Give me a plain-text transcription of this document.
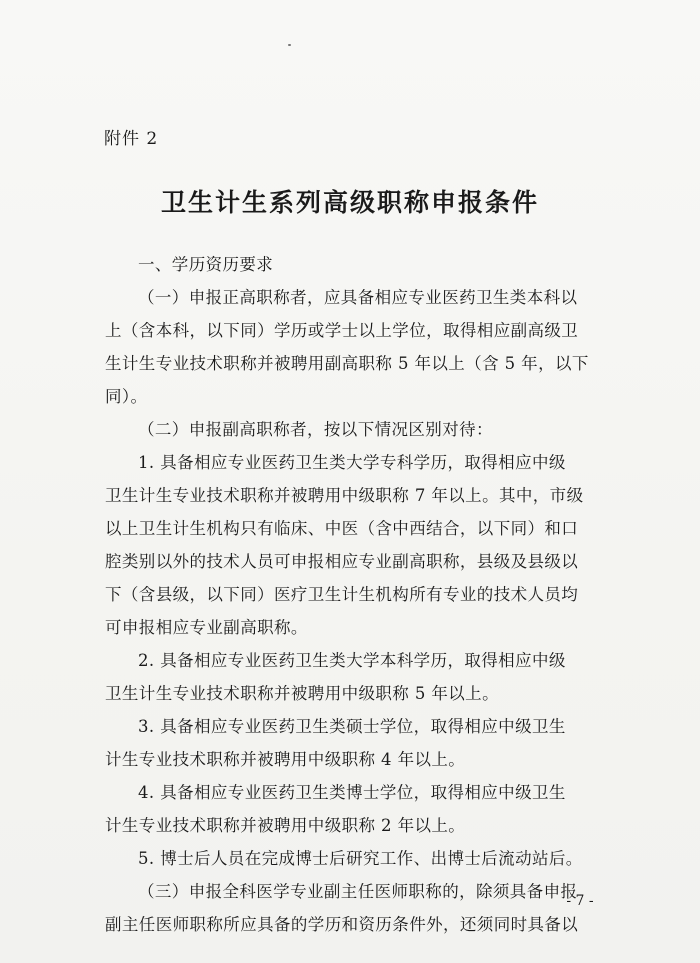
附件 2
卫生计生系列高级职称申报条件
一、学历资历要求
（一）申报正高职称者，应具备相应专业医药卫生类本科以
上（含本科，以下同）学历或学士以上学位，取得相应副高级卫
生计生专业技术职称并被聘用副高职称 5 年以上（含 5 年，以下
同）。
（二）申报副高职称者，按以下情况区别对待：
1. 具备相应专业医药卫生类大学专科学历，取得相应中级
卫生计生专业技术职称并被聘用中级职称 7 年以上。其中，市级
以上卫生计生机构只有临床、中医（含中西结合，以下同）和口
腔类别以外的技术人员可申报相应专业副高职称，县级及县级以
下（含县级，以下同）医疗卫生计生机构所有专业的技术人员均
可申报相应专业副高职称。
2. 具备相应专业医药卫生类大学本科学历，取得相应中级
卫生计生专业技术职称并被聘用中级职称 5 年以上。
3. 具备相应专业医药卫生类硕士学位，取得相应中级卫生
计生专业技术职称并被聘用中级职称 4 年以上。
4. 具备相应专业医药卫生类博士学位，取得相应中级卫生
计生专业技术职称并被聘用中级职称 2 年以上。
5. 博士后人员在完成博士后研究工作、出博士后流动站后。
（三）申报全科医学专业副主任医师职称的，除须具备申报
副主任医师职称所应具备的学历和资历条件外，还须同时具备以
- 7 -
